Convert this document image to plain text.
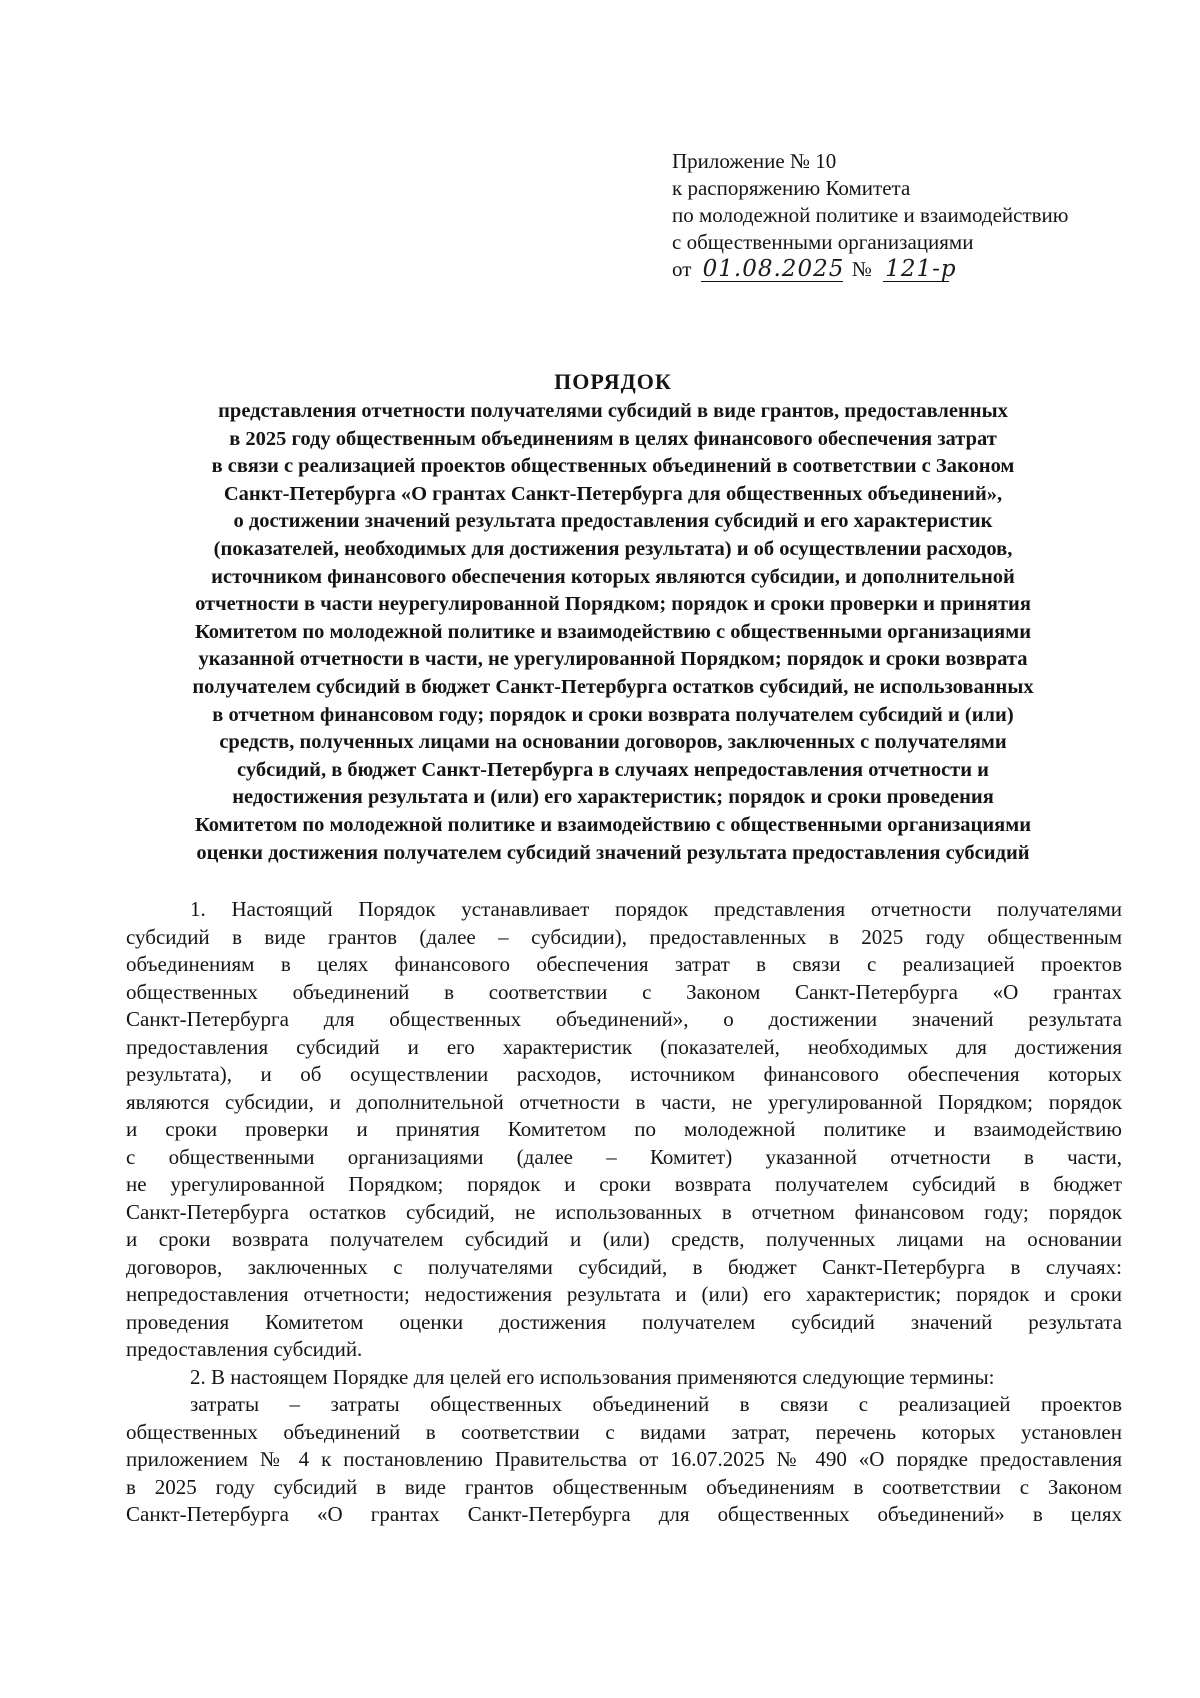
Приложение № 10
к распоряжению Комитета
по молодежной политике и взаимодействию
с общественными организациями
от 01.08.2025 № 121-р
ПОРЯДОК
представления отчетности получателями субсидий в виде грантов, предоставленных
в 2025 году общественным объединениям в целях финансового обеспечения затрат
в связи с реализацией проектов общественных объединений в соответствии с Законом
Санкт-Петербурга «О грантах Санкт-Петербурга для общественных объединений»,
о достижении значений результата предоставления субсидий и его характеристик
(показателей, необходимых для достижения результата) и об осуществлении расходов,
источником финансового обеспечения которых являются субсидии, и дополнительной
отчетности в части неурегулированной Порядком; порядок и сроки проверки и принятия
Комитетом по молодежной политике и взаимодействию с общественными организациями
указанной отчетности в части, не урегулированной Порядком; порядок и сроки возврата
получателем субсидий в бюджет Санкт-Петербурга остатков субсидий, не использованных
в отчетном финансовом году; порядок и сроки возврата получателем субсидий и (или)
средств, полученных лицами на основании договоров, заключенных с получателями
субсидий, в бюджет Санкт-Петербурга в случаях непредоставления отчетности и
недостижения результата и (или) его характеристик; порядок и сроки проведения
Комитетом по молодежной политике и взаимодействию с общественными организациями
оценки достижения получателем субсидий значений результата предоставления субсидий
1. Настоящий Порядок устанавливает порядок представления отчетности получателями
субсидий в виде грантов (далее – субсидии), предоставленных в 2025 году общественным
объединениям в целях финансового обеспечения затрат в связи с реализацией проектов
общественных объединений в соответствии с Законом Санкт-Петербурга «О грантах
Санкт-Петербурга для общественных объединений», о достижении значений результата
предоставления субсидий и его характеристик (показателей, необходимых для достижения
результата), и об осуществлении расходов, источником финансового обеспечения которых
являются субсидии, и дополнительной отчетности в части, не урегулированной Порядком; порядок
и сроки проверки и принятия Комитетом по молодежной политике и взаимодействию
с общественными организациями (далее – Комитет) указанной отчетности в части,
не урегулированной Порядком; порядок и сроки возврата получателем субсидий в бюджет
Санкт-Петербурга остатков субсидий, не использованных в отчетном финансовом году; порядок
и сроки возврата получателем субсидий и (или) средств, полученных лицами на основании
договоров, заключенных с получателями субсидий, в бюджет Санкт-Петербурга в случаях:
непредоставления отчетности; недостижения результата и (или) его характеристик; порядок и сроки
проведения Комитетом оценки достижения получателем субсидий значений результата
предоставления субсидий.
2. В настоящем Порядке для целей его использования применяются следующие термины:
затраты – затраты общественных объединений в связи с реализацией проектов
общественных объединений в соответствии с видами затрат, перечень которых установлен
приложением № 4 к постановлению Правительства от 16.07.2025 № 490 «О порядке предоставления
в 2025 году субсидий в виде грантов общественным объединениям в соответствии с Законом
Санкт-Петербурга «О грантах Санкт-Петербурга для общественных объединений» в целях
